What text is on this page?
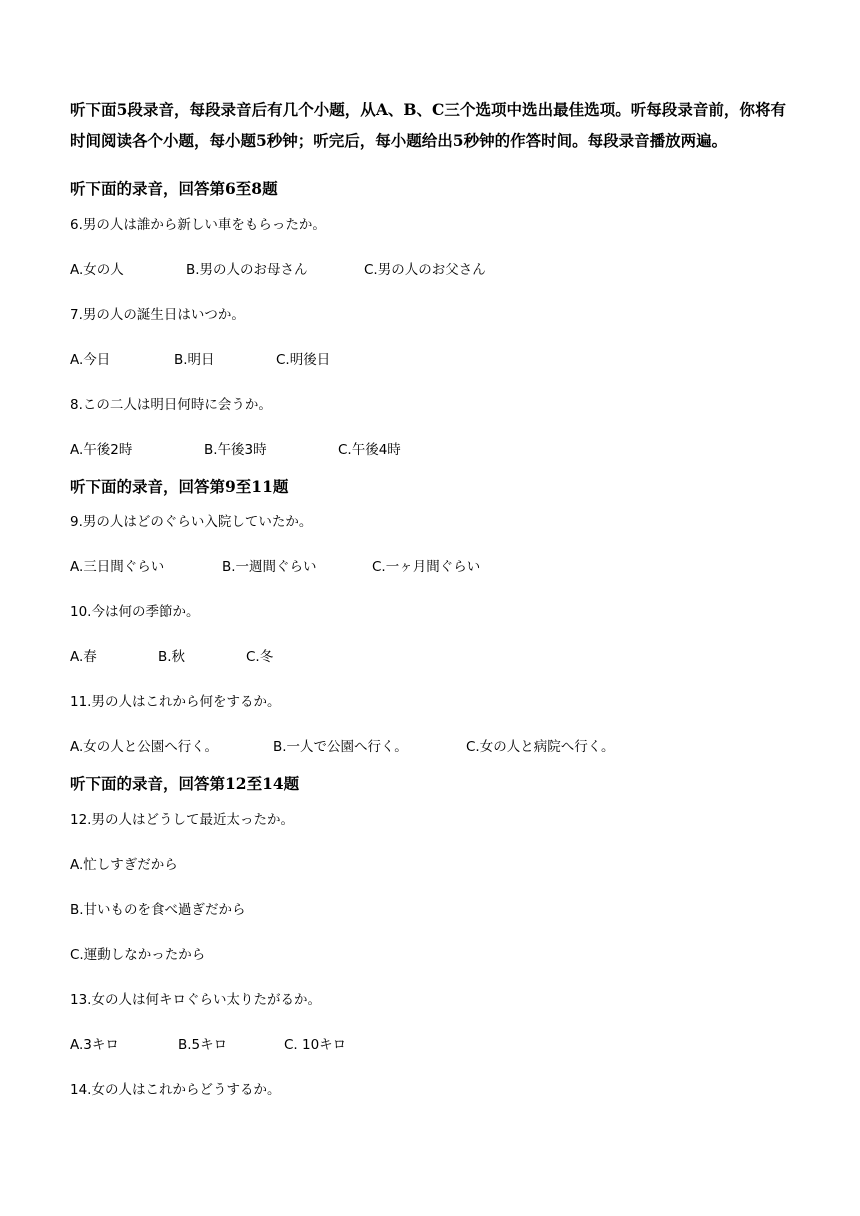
听下面5段录音，每段录音后有几个小题，从A、B、C三个选项中选出最佳选项。听每段录音前，你将有时间阅读各个小题，每小题5秒钟；听完后，每小题给出5秒钟的作答时间。每段录音播放两遍。
听下面的录音，回答第6至8题
6.男の人は誰から新しい車をもらったか。
A.女の人	B.男の人のお母さん	C.男の人のお父さん
7.男の人の誕生日はいつか。
A.今日	B.明日	C.明後日
8.この二人は明日何時に会うか。
A.午後2時	B.午後3時	C.午後4時
听下面的录音，回答第9至11题
9.男の人はどのぐらい入院していたか。
A.三日間ぐらい	B.一週間ぐらい	C.一ヶ月間ぐらい
10.今は何の季節か。
A.春	B.秋	C.冬
11.男の人はこれから何をするか。
A.女の人と公園へ行く。	B.一人で公園へ行く。	C.女の人と病院へ行く。
听下面的录音，回答第12至14题
12.男の人はどうして最近太ったか。
A.忙しすぎだから
B.甘いものを食べ過ぎだから
C.運動しなかったから
13.女の人は何キロぐらい太りたがるか。
A.3キロ	B.5キロ	C. 10キロ
14.女の人はこれからどうするか。
